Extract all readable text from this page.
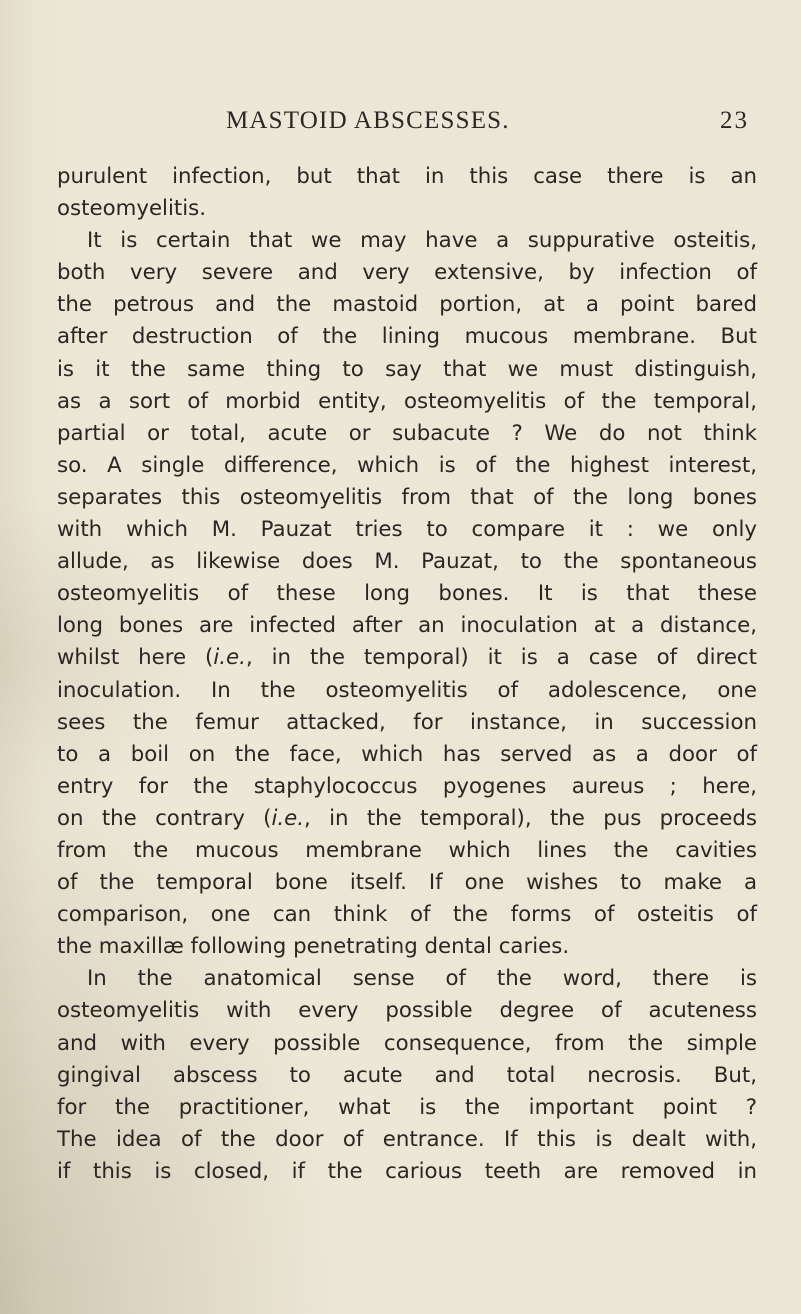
MASTOID ABSCESSES.	23
purulent infection, but that in this case there is an
osteomyelitis.
It is certain that we may have a suppurative osteitis,
both very severe and very extensive, by infection of
the petrous and the mastoid portion, at a point bared
after destruction of the lining mucous membrane. But
is it the same thing to say that we must distinguish,
as a sort of morbid entity, osteomyelitis of the temporal,
partial or total, acute or subacute ? We do not think
so. A single difference, which is of the highest interest,
separates this osteomyelitis from that of the long bones
with which M. Pauzat tries to compare it : we only
allude, as likewise does M. Pauzat, to the spontaneous
osteomyelitis of these long bones. It is that these
long bones are infected after an inoculation at a distance,
whilst here (i.e., in the temporal) it is a case of direct
inoculation. In the osteomyelitis of adolescence, one
sees the femur attacked, for instance, in succession
to a boil on the face, which has served as a door of
entry for the staphylococcus pyogenes aureus ; here,
on the contrary (i.e., in the temporal), the pus proceeds
from the mucous membrane which lines the cavities
of the temporal bone itself. If one wishes to make a
comparison, one can think of the forms of osteitis of
the maxillæ following penetrating dental caries.
In the anatomical sense of the word, there is
osteomyelitis with every possible degree of acuteness
and with every possible consequence, from the simple
gingival abscess to acute and total necrosis. But,
for the practitioner, what is the important point ?
The idea of the door of entrance. If this is dealt with,
if this is closed, if the carious teeth are removed in
